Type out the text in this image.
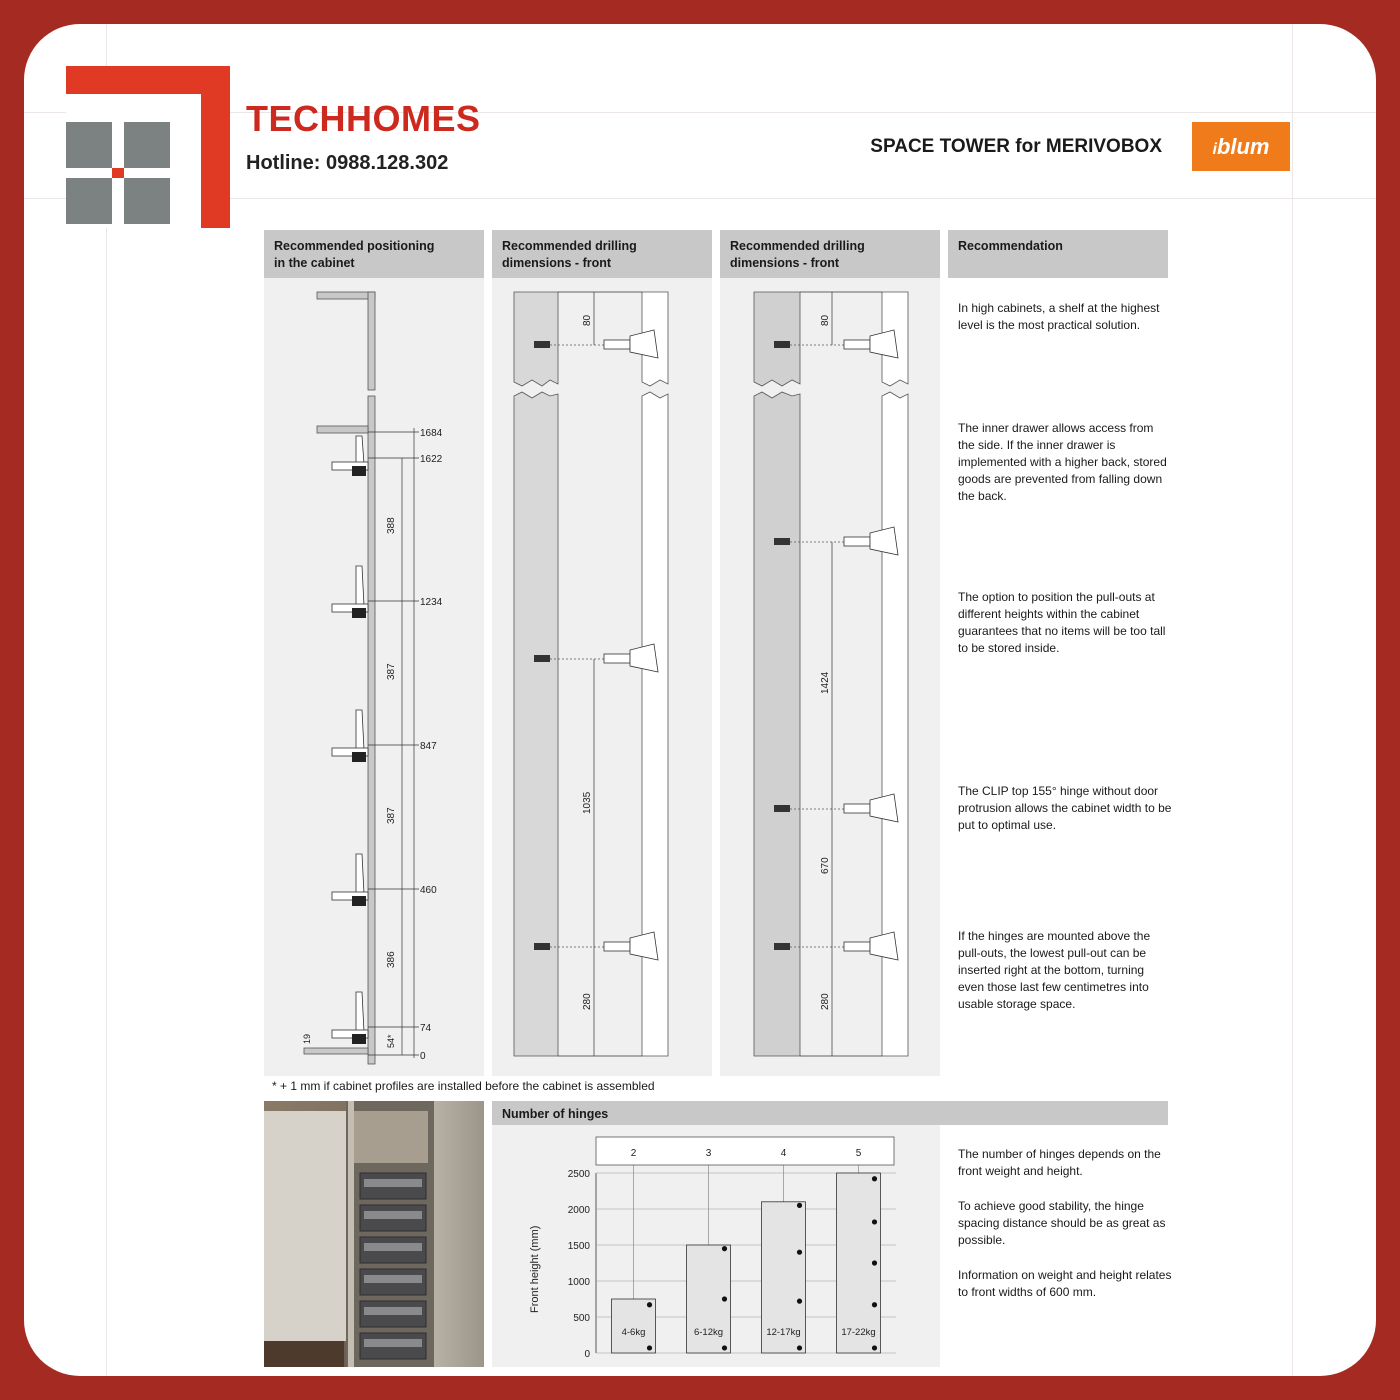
TECHHOMES
Hotline: 0988.128.302
SPACE TOWER for MERIVOBOX	iblum
Recommended positioning
in the cabinet
Recommended drilling
dimensions - front
Recommended drilling
dimensions - front
Recommendation
1684
1622
1234
847
460
74
0
388
387
387
386
54*
19
80
1035
280
80
1424
670
280
In high cabinets, a shelf at the highest level is the most practical solution.
The inner drawer allows access from the side. If the inner drawer is implemented with a higher back, stored goods are prevented from falling down the back.
The option to position the pull-outs at different heights within the cabinet guarantees that no items will be too tall to be stored inside.
The CLIP top 155° hinge without door protrusion allows the cabinet width to be put to optimal use.
If the hinges are mounted above the pull-outs, the lowest pull-out can be inserted right at the bottom, turning even those last few centimetres into usable storage space.
* + 1 mm if cabinet profiles are installed before the cabinet is assembled
Number of hinges
0
500
1000
1500
2000
2500
Front height (mm)
2
4-6kg
3
6-12kg
4
12-17kg
5
17-22kg
The number of hinges depends on the front weight and height.
To achieve good stability, the hinge spacing distance should be as great as possible.
Information on weight and height relates to front widths of 600 mm.
